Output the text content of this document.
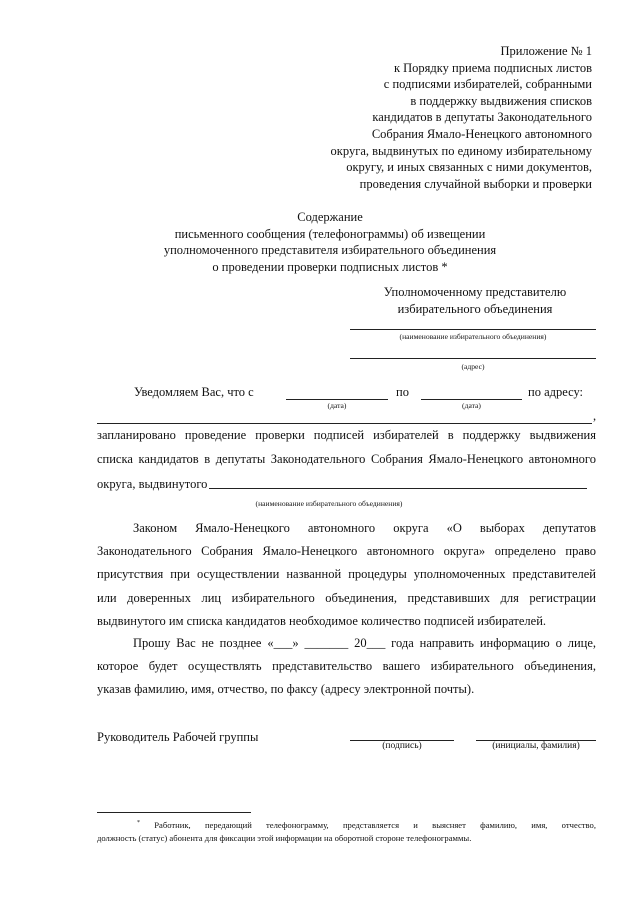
Приложение № 1
к Порядку приема подписных листов
с подписями избирателей, собранными
в поддержку выдвижения списков
кандидатов в депутаты Законодательного
Собрания Ямало-Ненецкого автономного
округа, выдвинутых по единому избирательному
округу, и иных связанных с ними документов,
проведения случайной выборки и проверки
Содержание
письменного сообщения (телефонограммы) об извещении
уполномоченного представителя избирательного объединения
о проведении проверки подписных листов *
Уполномоченному представителю
избирательного объединения
(наименование избирательного объединения)
(адрес)
Уведомляем Вас, что с
(дата)
по
(дата)
по адресу:
,
запланировано проведение проверки подписей избирателей в поддержку выдвижения
списка кандидатов в депутаты Законодательного Собрания Ямало-Ненецкого автономного
округа, выдвинутого
(наименование избирательного объединения)
Законом Ямало-Ненецкого автономного округа «О выборах депутатов
Законодательного Собрания Ямало-Ненецкого автономного округа» определено право
присутствия при осуществлении названной процедуры уполномоченных представителей
или доверенных лиц избирательного объединения, представивших для регистрации
выдвинутого им списка кандидатов необходимое количество подписей избирателей.
Прошу Вас не позднее «___» _______ 20___ года направить информацию о лице,
которое будет осуществлять представительство вашего избирательного объединения,
указав фамилию, имя, отчество, по факсу (адресу электронной почты).
Руководитель Рабочей группы
(подпись)	(инициалы, фамилия)
* Работник, передающий телефонограмму, представляется и выясняет фамилию, имя, отчество,
должность (статус) абонента для фиксации этой информации на оборотной стороне телефонограммы.
